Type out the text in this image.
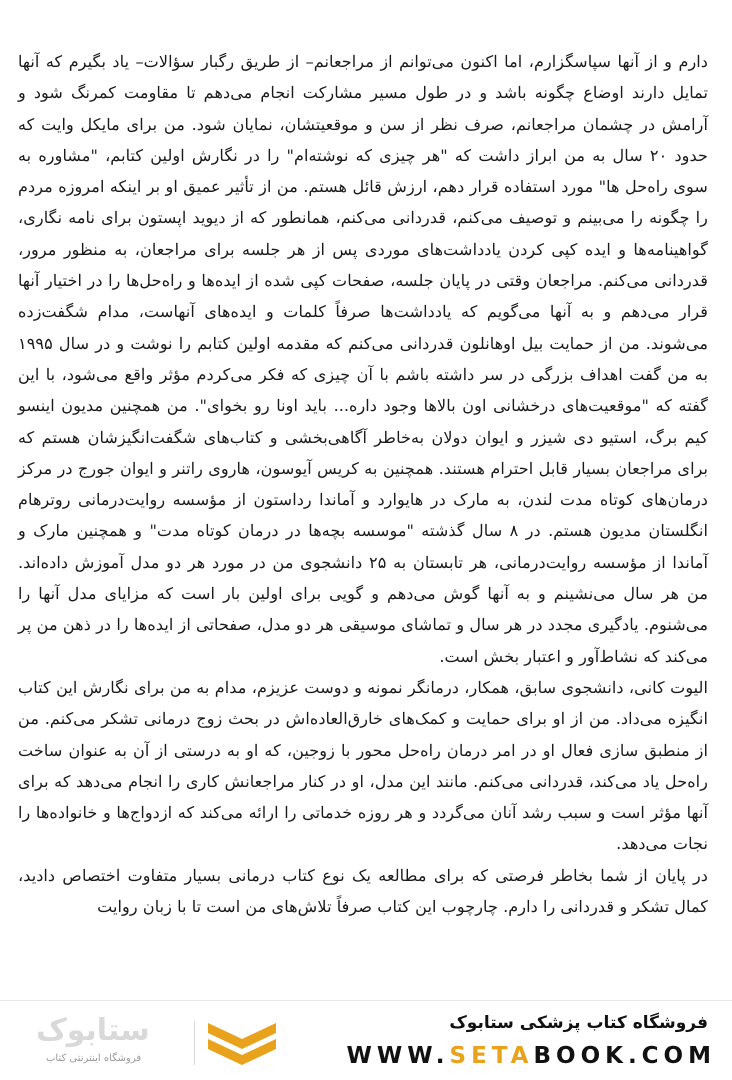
دارم و از آنها سپاسگزارم، اما اکنون می‌توانم از مراجعانم– از طریق رگبار سؤالات– یاد بگیرم که آنها تمایل دارند اوضاع چگونه باشد و در طول مسیر مشارکت انجام می‌دهم تا مقاومت کمرنگ شود و آرامش در چشمان مراجعانم، صرف نظر از سن و موقعیتشان، نمایان شود. من برای مایکل وایت که حدود ۲۰ سال به من ابراز داشت که "هر چیزی که نوشته‌ام" را در نگارش اولین کتابم، "مشاوره به سوی راه‌حل ها" مورد استفاده قرار دهم، ارزش قائل هستم. من از تأثیر عمیق او بر اینکه امروزه مردم را چگونه را می‌بینم و توصیف می‌کنم، قدردانی می‌کنم، همانطور که از دیوید اپستون برای نامه نگاری، گواهینامه‌ها و ایده کپی کردن یادداشت‌های موردی پس از هر جلسه برای مراجعان، به منظور مرور، قدردانی می‌کنم. مراجعان وقتی در پایان جلسه، صفحات کپی شده از ایده‌ها و راه‌حل‌ها را در اختیار آنها قرار می‌دهم و به آنها می‌گویم که یادداشت‌ها صرفاً کلمات و ایده‌های آنهاست، مدام شگفت‌زده می‌شوند. من از حمایت بیل اوهانلون قدردانی می‌کنم که مقدمه اولین کتابم را نوشت و در سال ۱۹۹۵ به من گفت اهداف بزرگی در سر داشته باشم با آن چیزی که فکر می‌کردم مؤثر واقع می‌شود، با این گفته که "موقعیت‌های درخشانی اون بالاها وجود داره... باید اونا رو بخوای". من همچنین مدیون اینسو کیم برگ، استیو دی شیزر و ایوان دولان به‌خاطر آگاهی‌بخشی و کتاب‌های شگفت‌انگیزشان هستم که برای مراجعان بسیار قابل احترام هستند. همچنین به کریس آیوسون، هاروی راتنر و ایوان جورج در مرکز درمان‌های کوتاه مدت لندن، به مارک در هایوارد و آماندا رداستون از مؤسسه روایت‌درمانی روترهام انگلستان مدیون هستم. در ۸ سال گذشته "موسسه بچه‌ها در درمان کوتاه مدت" و همچنین مارک و آماندا از مؤسسه روایت‌درمانی، هر تابستان به ۲۵ دانشجوی من در مورد هر دو مدل آموزش داده‌اند. من هر سال می‌نشینم و به آنها گوش می‌دهم و گویی برای اولین بار است که مزایای مدل آنها را می‌شنوم. یادگیری مجدد در هر سال و تماشای موسیقی هر دو مدل، صفحاتی از ایده‌ها را در ذهن من پر می‌کند که نشاط‌آور و اعتبار بخش است.

الیوت کانی، دانشجوی سابق، همکار، درمانگر نمونه و دوست عزیزم، مدام به من برای نگارش این کتاب انگیزه می‌داد. من از او برای حمایت و کمک‌های خارق‌العاده‌اش در بحث زوج درمانی تشکر می‌کنم. من از منطبق سازی فعال او در امر درمان راه‌حل محور با زوجین، که او به درستی از آن به عنوان ساخت راه‌حل یاد می‌کند، قدردانی می‌کنم. مانند این مدل، او در کنار مراجعانش کاری را انجام می‌دهد که برای آنها مؤثر است و سبب رشد آنان می‌گردد و هر روزه خدماتی را ارائه می‌کند که ازدواج‌ها و خانواده‌ها را نجات می‌دهد.

در پایان از شما بخاطر فرصتی که برای مطالعه یک نوع کتاب درمانی بسیار متفاوت اختصاص دادید، کمال تشکر و قدردانی را دارم. چارچوب این کتاب صرفاً تلاش‌های من است تا با زبان روایت

ستابوک
فروشگاه اینترنتی کتاب
فروشگاه کتاب پزشکی ستابوک
WWW.SETABOOK.COM
